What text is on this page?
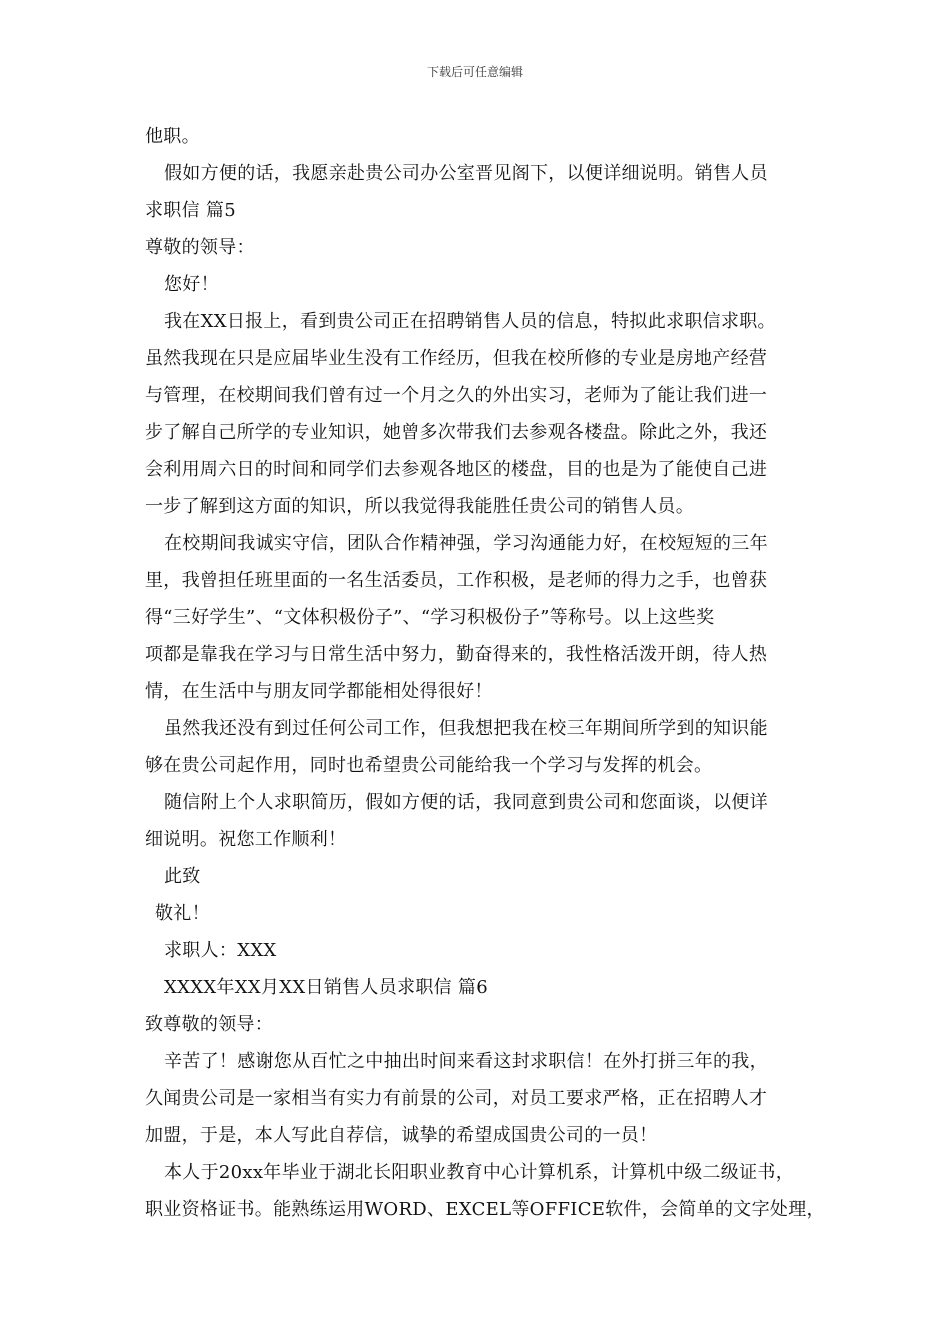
下载后可任意编辑
他职。
假如方便的话，我愿亲赴贵公司办公室晋见阁下，以便详细说明。销售人员
求职信 篇5
尊敬的领导：
您好！
我在XX日报上，看到贵公司正在招聘销售人员的信息，特拟此求职信求职。
虽然我现在只是应届毕业生没有工作经历，但我在校所修的专业是房地产经营
与管理，在校期间我们曾有过一个月之久的外出实习，老师为了能让我们进一
步了解自己所学的专业知识，她曾多次带我们去参观各楼盘。除此之外，我还
会利用周六日的时间和同学们去参观各地区的楼盘，目的也是为了能使自己进
一步了解到这方面的知识，所以我觉得我能胜任贵公司的销售人员。
在校期间我诚实守信，团队合作精神强，学习沟通能力好，在校短短的三年
里，我曾担任班里面的一名生活委员，工作积极，是老师的得力之手，也曾获
得“三好学生”、“文体积极份子”、“学习积极份子”等称号。以上这些奖
项都是靠我在学习与日常生活中努力，勤奋得来的，我性格活泼开朗，待人热
情，在生活中与朋友同学都能相处得很好！
虽然我还没有到过任何公司工作，但我想把我在校三年期间所学到的知识能
够在贵公司起作用，同时也希望贵公司能给我一个学习与发挥的机会。
随信附上个人求职简历，假如方便的话，我同意到贵公司和您面谈，以便详
细说明。祝您工作顺利！
此致
敬礼！
求职人：XXX
XXXX年XX月XX日销售人员求职信 篇6
致尊敬的领导：
辛苦了！感谢您从百忙之中抽出时间来看这封求职信！在外打拼三年的我，
久闻贵公司是一家相当有实力有前景的公司，对员工要求严格，正在招聘人才
加盟，于是，本人写此自荐信，诚挚的希望成国贵公司的一员！
本人于20xx年毕业于湖北长阳职业教育中心计算机系，计算机中级二级证书，
职业资格证书。能熟练运用WORD、EXCEL等OFFICE软件，会简单的文字处理，
